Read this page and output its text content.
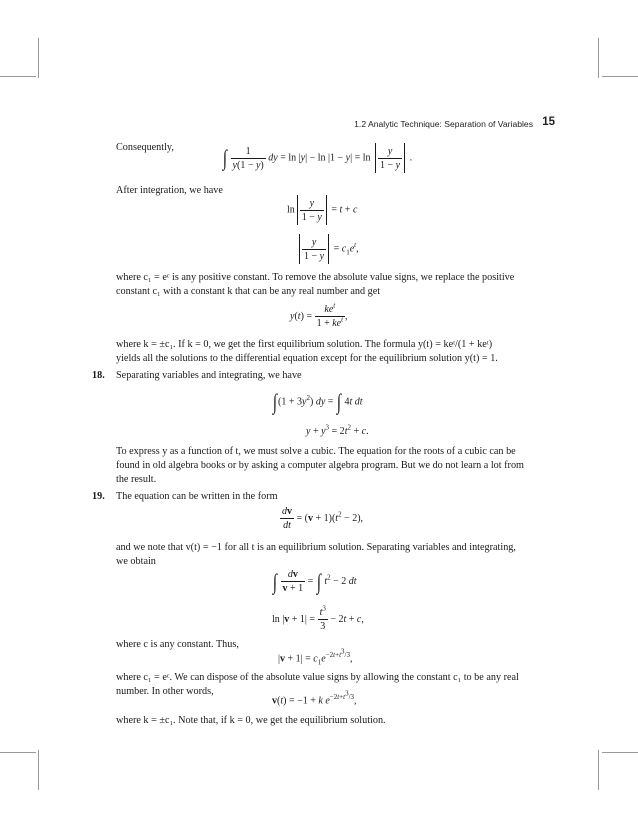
1.2 Analytic Technique: Separation of Variables 15
Consequently, ∫ $\frac{1}{y(1 - y)}$ dy = $\ln |y| - \ln |1 - y| = \ln \frac{y}{1 - y}$ .
After integration, we have
$\ln \frac{y}{1 - y} = t + c$
$\frac{y}{1 - y} = c_1e^t$,
where c₁ = eᶜ is any positive constant. To remove the absolute value signs, we replace the positive
constant c₁ with a constant k that can be any real number and get
$y(t) = \frac{ke^t}{1 + ke^t}$ ,
where k = ±c₁. If k = 0, we get the first equilibrium solution. The formula y(t) = keᵗ/(1 + keᵗ)
yields all the solutions to the differential equation except for the equilibrium solution y(t) = 1.
18. Separating variables and integrating, we have
$\int(1 + 3y^2)$ dy = ∫ 4t dt
$y + y^3 = 2t^2 + c$.
To express y as a function of t, we must solve a cubic. The equation for the roots of a cubic can be
found in old algebra books or by asking a computer algebra program. But we do not learn a lot from
the result.
19. The equation can be written in the form
$\frac{dv}{dt} = (v + 1)(t^2 - 2)$,
and we note that v(t) = −1 for all t is an equilibrium solution. Separating variables and integrating,
we obtain
∫ $\frac{dv}{v + 1}$ = ∫ $t^2 - 2$ dt
$\ln |v + 1| = \frac{t^3}{3} - 2t + c$,
where c is any constant. Thus,
$|v + 1| = c_1e^{-2t+t^3/3}$,
where c₁ = eᶜ. We can dispose of the absolute value signs by allowing the constant c₁ to be any real
number. In other words,
v(t) = −1 + k $e^{-2t+t^3/3}$,
where k = ±c₁. Note that, if k = 0, we get the equilibrium solution.
